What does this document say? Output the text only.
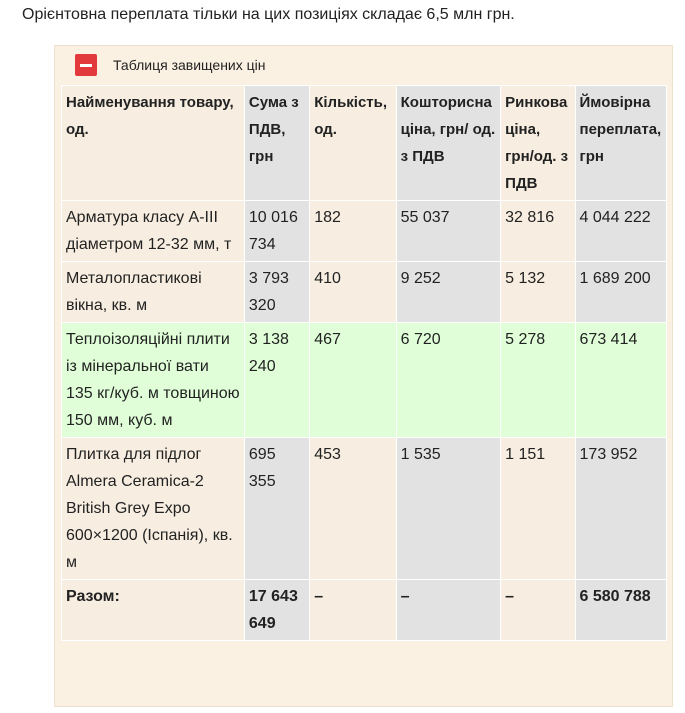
Орієнтовна переплата тільки на цих позиціях складає 6,5 млн грн.
Таблиця завищених цін
Найменування товару, од.	Сума з ПДВ, грн	Кількість, од.	Кошторисна ціна, грн/ од. з ПДВ	Ринкова ціна, грн/од. з ПДВ	Ймовірна переплата, грн
Арматура класу А-ІІІ діаметром 12-32 мм, т	10 016 734	182	55 037	32 816	4 044 222
Металопластикові вікна, кв. м	3 793 320	410	9 252	5 132	1 689 200
Теплоізоляційні плити із мінеральної вати 135 кг/куб. м товщиною 150 мм, куб. м	3 138 240	467	6 720	5 278	673 414
Плитка для підлог Almera Ceramica-2 British Grey Expo 600×1200 (Іспанія), кв. м	695 355	453	1 535	1 151	173 952
Разом:	17 643 649	–	–	–	6 580 788
